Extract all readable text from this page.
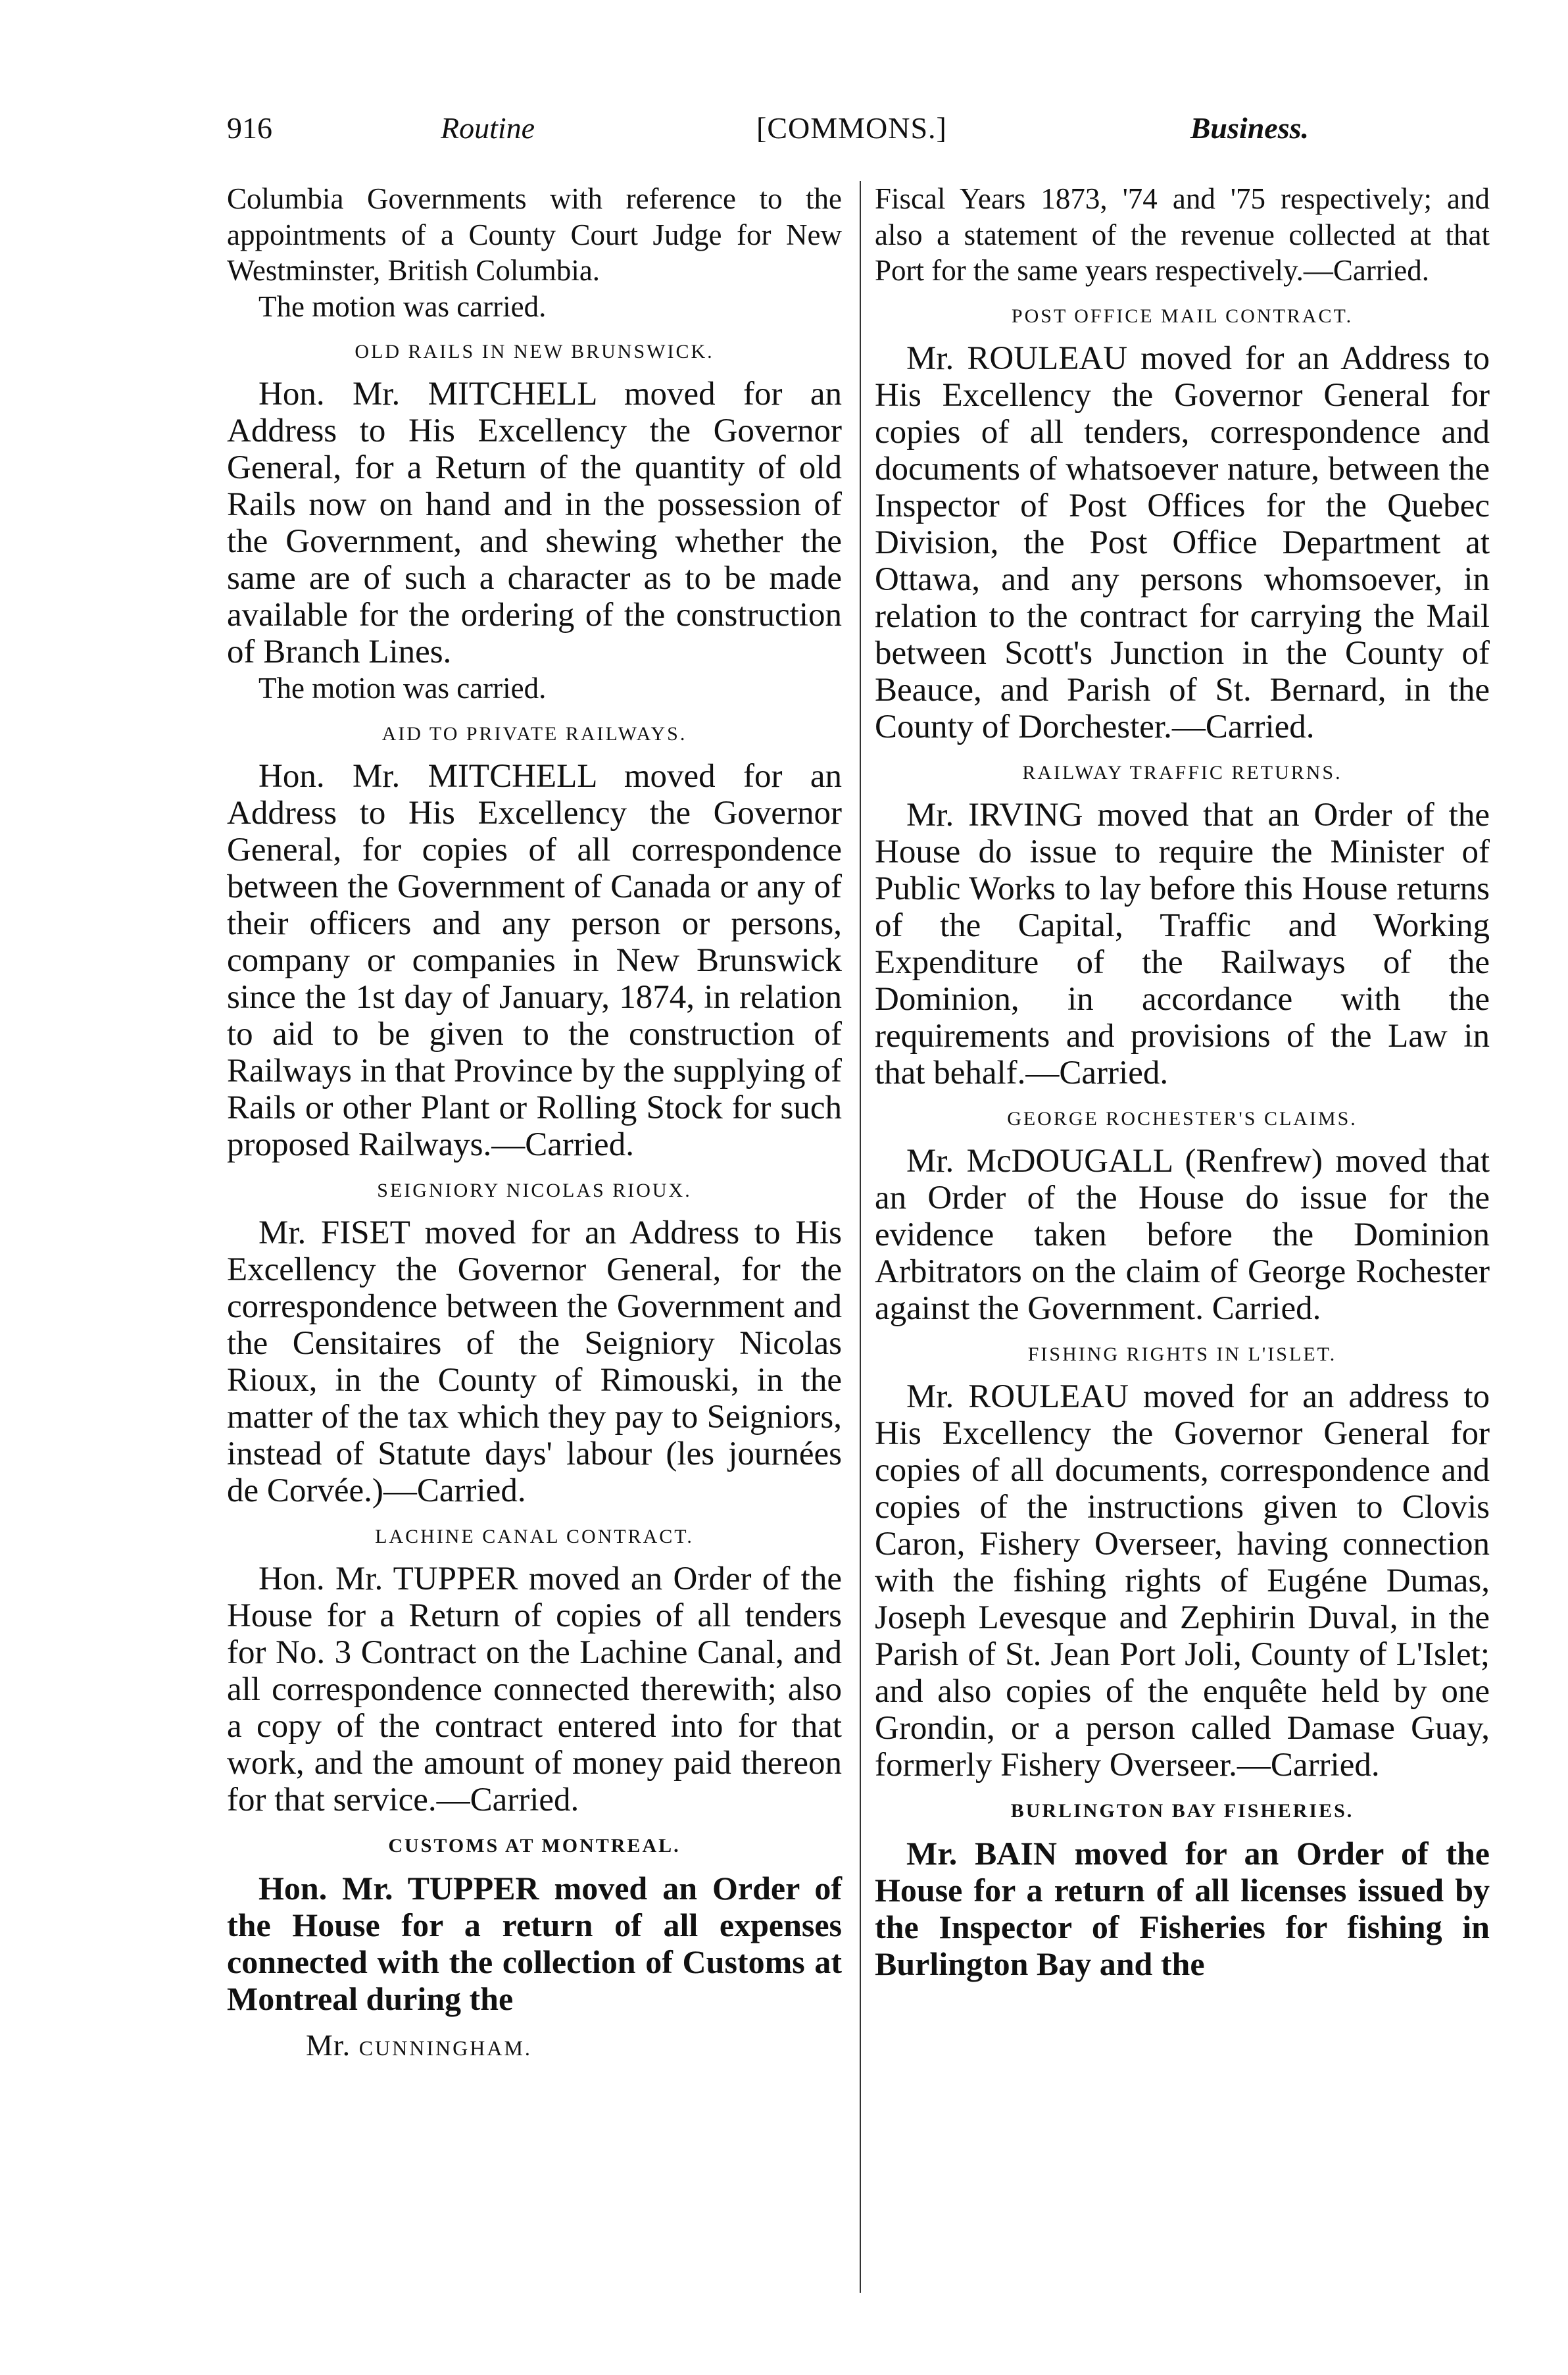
916	Routine	[COMMONS.]	Business.

Columbia Governments with reference to the appointments of a County Court Judge for New Westminster, British Columbia.

The motion was carried.

OLD RAILS IN NEW BRUNSWICK.

Hon. Mr. MITCHELL moved for an Address to His Excellency the Governor General, for a Return of the quantity of old Rails now on hand and in the possession of the Government, and shewing whether the same are of such a character as to be made available for the ordering of the construction of Branch Lines.

The motion was carried.

AID TO PRIVATE RAILWAYS.

Hon. Mr. MITCHELL moved for an Address to His Excellency the Governor General, for copies of all correspondence between the Government of Canada or any of their officers and any person or persons, company or companies in New Brunswick since the 1st day of January, 1874, in relation to aid to be given to the construction of Railways in that Province by the supplying of Rails or other Plant or Rolling Stock for such proposed Railways.—Carried.

SEIGNIORY NICOLAS RIOUX.

Mr. FISET moved for an Address to His Excellency the Governor General, for the correspondence between the Government and the Censitaires of the Seigniory Nicolas Rioux, in the County of Rimouski, in the matter of the tax which they pay to Seigniors, instead of Statute days' labour (les journées de Corvée.)—Carried.

LACHINE CANAL CONTRACT.

Hon. Mr. TUPPER moved an Order of the House for a Return of copies of all tenders for No. 3 Contract on the Lachine Canal, and all correspondence connected therewith; also a copy of the contract entered into for that work, and the amount of money paid thereon for that service.—Carried.

CUSTOMS AT MONTREAL.

Hon. Mr. TUPPER moved an Order of the House for a return of all expenses connected with the collection of Customs at Montreal during the

Mr. CUNNINGHAM.

Fiscal Years 1873, '74 and '75 respectively; and also a statement of the revenue collected at that Port for the same years respectively.—Carried.

POST OFFICE MAIL CONTRACT.

Mr. ROULEAU moved for an Address to His Excellency the Governor General for copies of all tenders, correspondence and documents of whatsoever nature, between the Inspector of Post Offices for the Quebec Division, the Post Office Department at Ottawa, and any persons whomsoever, in relation to the contract for carrying the Mail between Scott's Junction in the County of Beauce, and Parish of St. Bernard, in the County of Dorchester.—Carried.

RAILWAY TRAFFIC RETURNS.

Mr. IRVING moved that an Order of the House do issue to require the Minister of Public Works to lay before this House returns of the Capital, Traffic and Working Expenditure of the Railways of the Dominion, in accordance with the requirements and provisions of the Law in that behalf.—Carried.

GEORGE ROCHESTER'S CLAIMS.

Mr. McDOUGALL (Renfrew) moved that an Order of the House do issue for the evidence taken before the Dominion Arbitrators on the claim of George Rochester against the Government. Carried.

FISHING RIGHTS IN L'ISLET.

Mr. ROULEAU moved for an address to His Excellency the Governor General for copies of all documents, correspondence and copies of the instructions given to Clovis Caron, Fishery Overseer, having connection with the fishing rights of Eugéne Dumas, Joseph Levesque and Zephirin Duval, in the Parish of St. Jean Port Joli, County of L'Islet; and also copies of the enquête held by one Grondin, or a person called Damase Guay, formerly Fishery Overseer.—Carried.

BURLINGTON BAY FISHERIES.

Mr. BAIN moved for an Order of the House for a return of all licenses issued by the Inspector of Fisheries for fishing in Burlington Bay and the
